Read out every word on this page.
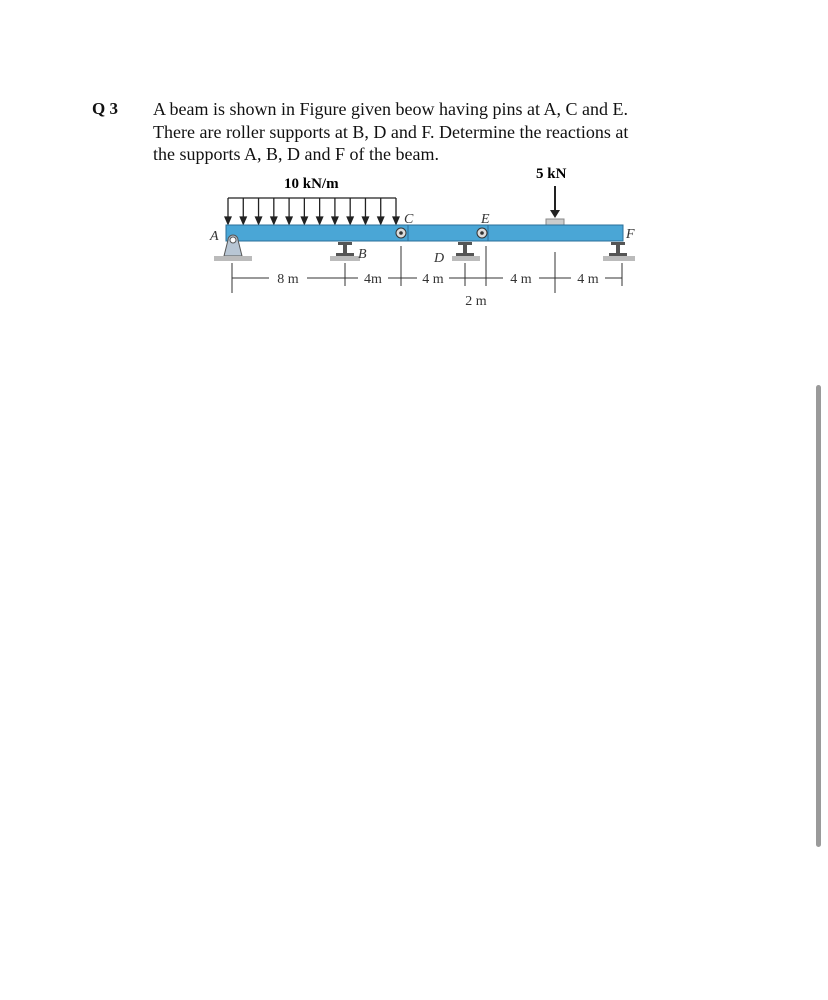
Q 3 A beam is shown in Figure given beow having pins at A, C and E.
There are roller supports at B, D and F. Determine the reactions at
the supports A, B, D and F of the beam.
10 kN/m
5 kN
A
B
C
D
E
F
8 m	4m	4 m
2 m
4 m	4 m
